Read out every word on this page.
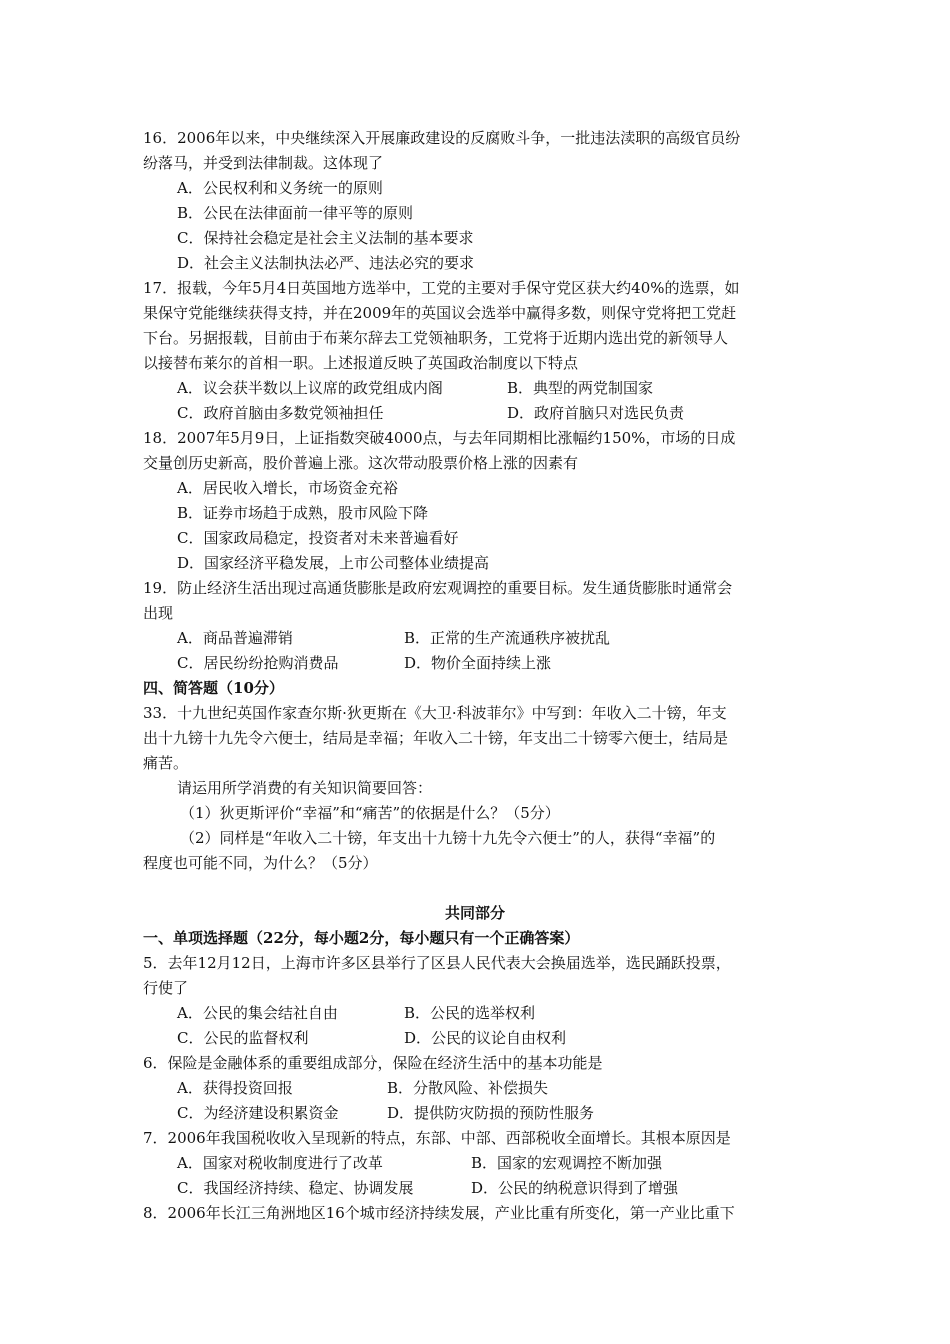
16．2006年以来，中央继续深入开展廉政建设的反腐败斗争，一批违法渎职的高级官员纷
纷落马，并受到法律制裁。这体现了
A．公民权利和义务统一的原则
B．公民在法律面前一律平等的原则
C．保持社会稳定是社会主义法制的基本要求
D．社会主义法制执法必严、违法必究的要求
17．报载，今年5月4日英国地方选举中，工党的主要对手保守党区获大约40%的选票，如
果保守党能继续获得支持，并在2009年的英国议会选举中赢得多数，则保守党将把工党赶
下台。另据报载，目前由于布莱尔辞去工党领袖职务，工党将于近期内选出党的新领导人
以接替布莱尔的首相一职。上述报道反映了英国政治制度以下特点
A．议会获半数以上议席的政党组成内阁	B．典型的两党制国家
C．政府首脑由多数党领袖担任	D．政府首脑只对选民负责
18．2007年5月9日，上证指数突破4000点，与去年同期相比涨幅约150%，市场的日成
交量创历史新高，股价普遍上涨。这次带动股票价格上涨的因素有
A．居民收入增长，市场资金充裕
B．证券市场趋于成熟，股市风险下降
C．国家政局稳定，投资者对未来普遍看好
D．国家经济平稳发展，上市公司整体业绩提高
19．防止经济生活出现过高通货膨胀是政府宏观调控的重要目标。发生通货膨胀时通常会
出现
A．商品普遍滞销	B．正常的生产流通秩序被扰乱
C．居民纷纷抢购消费品	D．物价全面持续上涨
四、简答题（10分）
33．十九世纪英国作家查尔斯·狄更斯在《大卫·科波菲尔》中写到：年收入二十镑，年支
出十九镑十九先令六便士，结局是幸福；年收入二十镑，年支出二十镑零六便士，结局是
痛苦。
请运用所学消费的有关知识简要回答：
（1）狄更斯评价“幸福”和“痛苦”的依据是什么？（5分）
（2）同样是“年收入二十镑，年支出十九镑十九先令六便士”的人，获得“幸福”的
程度也可能不同，为什么？（5分）
共同部分
一、单项选择题（22分，每小题2分，每小题只有一个正确答案）
5．去年12月12日，上海市许多区县举行了区县人民代表大会换届选举，选民踊跃投票，
行使了
A．公民的集会结社自由	B．公民的选举权利
C．公民的监督权利	D．公民的议论自由权利
6．保险是金融体系的重要组成部分，保险在经济生活中的基本功能是
A．获得投资回报	B．分散风险、补偿损失
C．为经济建设积累资金	D．提供防灾防损的预防性服务
7．2006年我国税收收入呈现新的特点，东部、中部、西部税收全面增长。其根本原因是
A．国家对税收制度进行了改革	B．国家的宏观调控不断加强
C．我国经济持续、稳定、协调发展	D．公民的纳税意识得到了增强
8．2006年长江三角洲地区16个城市经济持续发展，产业比重有所变化，第一产业比重下
